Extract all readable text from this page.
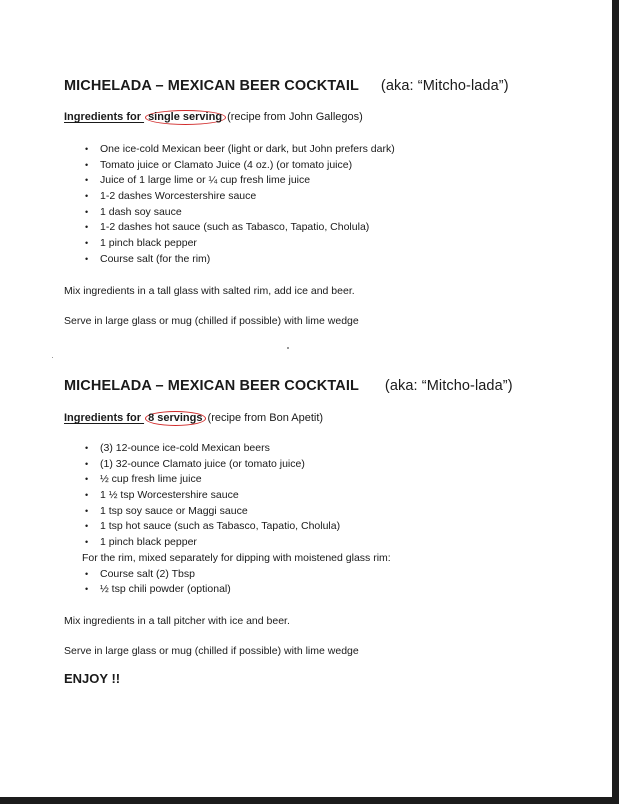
MICHELADA – MEXICAN BEER COCKTAIL (aka: “Mitcho-lada”)

Ingredients for single serving (recipe from John Gallegos)

• One ice-cold Mexican beer (light or dark, but John prefers dark)
• Tomato juice or Clamato Juice (4 oz.) (or tomato juice)
• Juice of 1 large lime or ¼ cup fresh lime juice
• 1-2 dashes Worcestershire sauce
• 1 dash soy sauce
• 1-2 dashes hot sauce (such as Tabasco, Tapatio, Cholula)
• 1 pinch black pepper
• Course salt (for the rim)

Mix ingredients in a tall glass with salted rim, add ice and beer.

Serve in large glass or mug (chilled if possible) with lime wedge

MICHELADA – MEXICAN BEER COCKTAIL (aka: “Mitcho-lada”)

Ingredients for 8 servings (recipe from Bon Apetit)

• (3) 12-ounce ice-cold Mexican beers
• (1) 32-ounce Clamato juice (or tomato juice)
• ½ cup fresh lime juice
• 1 ½ tsp Worcestershire sauce
• 1 tsp soy sauce or Maggi sauce
• 1 tsp hot sauce (such as Tabasco, Tapatio, Cholula)
• 1 pinch black pepper
For the rim, mixed separately for dipping with moistened glass rim:
• Course salt (2) Tbsp
• ½ tsp chili powder (optional)

Mix ingredients in a tall pitcher with ice and beer.

Serve in large glass or mug (chilled if possible) with lime wedge

ENJOY !!
